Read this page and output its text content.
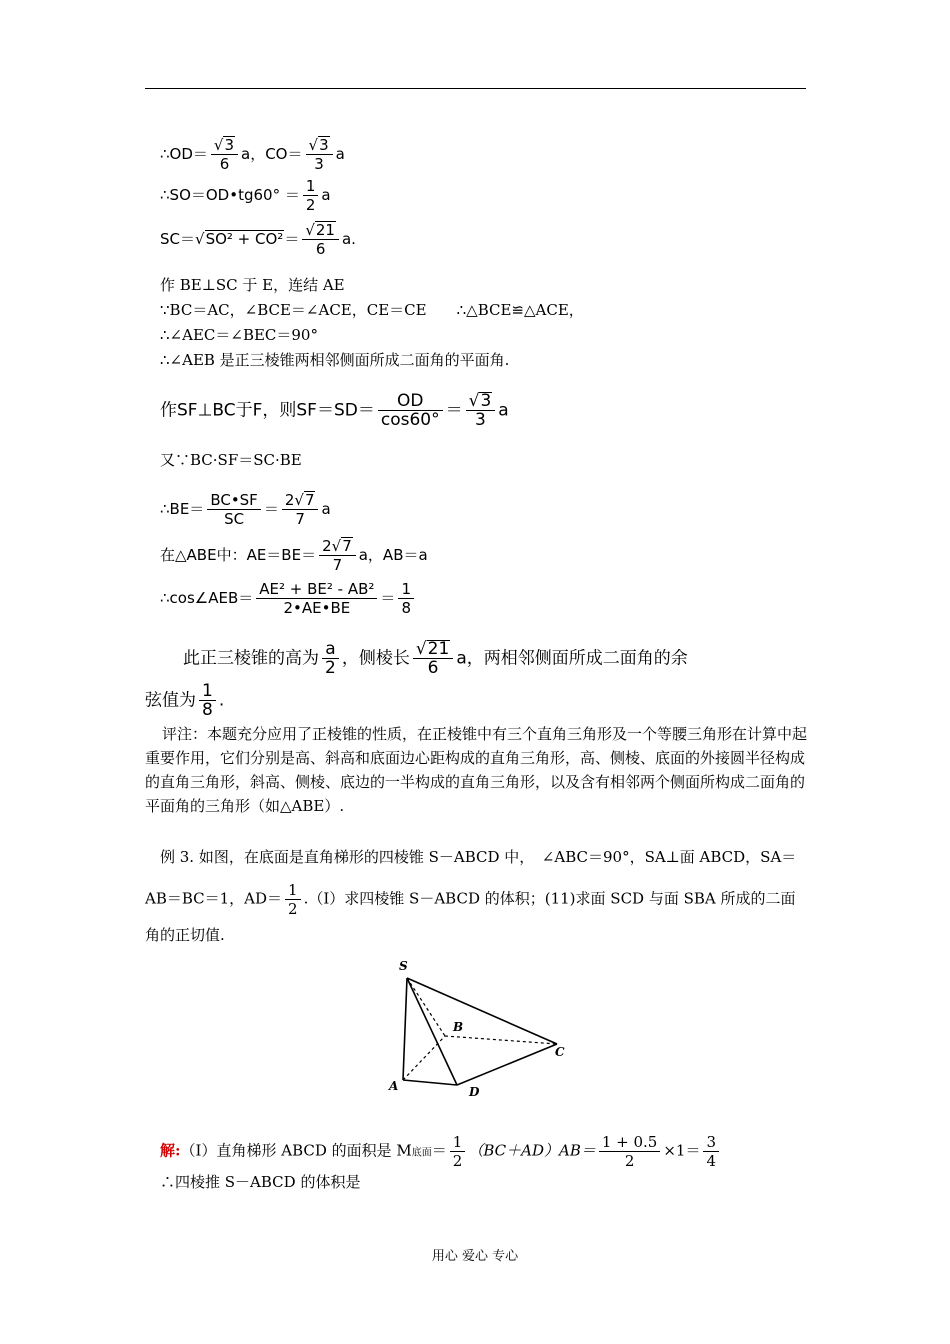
∴OD＝ $\frac{√3}{6}$ a，$CO= \frac{√3}{3}$ a
∴SO＝OD•tg60° ＝ $\frac{1}{2}$ a
$SC=√SO^2 + CO^2= \frac{√21}{6} a$.
作 BE⊥SC 于 E，连结 AE
∵BC＝AC，∠BCE＝∠ACE，CE＝CE　　∴△BCE≌△ACE，
∴∠AEC＝∠BEC＝90°
∴∠AEB 是正三棱锥两相邻侧面所成二面角的平面角.
作SF⊥BC于F，则$SF=SD= \frac{OD}{\cos 60^\circ} = \frac{√3}{3}$ a
又∵BC·SF＝SC·BE
∴BE＝ $\frac{BC•SF}{SC} = \frac{2√7}{7}$ a
在△ABE中：$AE=BE= \frac{2√7}{7}$ a，AB＝a
∴cos∠AEB＝ $\frac{\text{AE² + BE² - AB²}}{2•AE•BE} = \frac{1}{8}$
此正三棱锥的高为 $\frac{a}{2}$ ，侧棱长 $\frac{√21}{6}$ a，两相邻侧面所成二面角的余
弦值为 $\frac{1}{8}$ .
评注：本题充分应用了正棱锥的性质，在正棱锥中有三个直角三角形及一个等腰三角形在计算中起重要作用，它们分别是高、斜高和底面边心距构成的直角三角形，高、侧棱、底面的外接圆半径构成的直角三角形，斜高、侧棱、底边的一半构成的直角三角形，以及含有相邻两个侧面所构成二面角的平面角的三角形（如△ABE）.
例 3. 如图，在底面是直角梯形的四棱锥 S－ABCD 中，　∠ABC＝90°，SA⊥面 ABCD，SA＝
AB＝BC＝1，$AD= \frac{1}{2} .(I)$求四棱锥 S－ABCD 的体积；(11)求面 SCD 与面 SBA 所成的二面
角的正切值.
S
A
B
C
D
解:（I）直角梯形 ABCD 的面积是 M底面＝ $\frac{1}{2} (BC+AD)AB= \frac{1 + 0.5}{2} \times 1= \frac{3}{4}$
∴四棱推 S－ABCD 的体积是
用心 爱心 专心
